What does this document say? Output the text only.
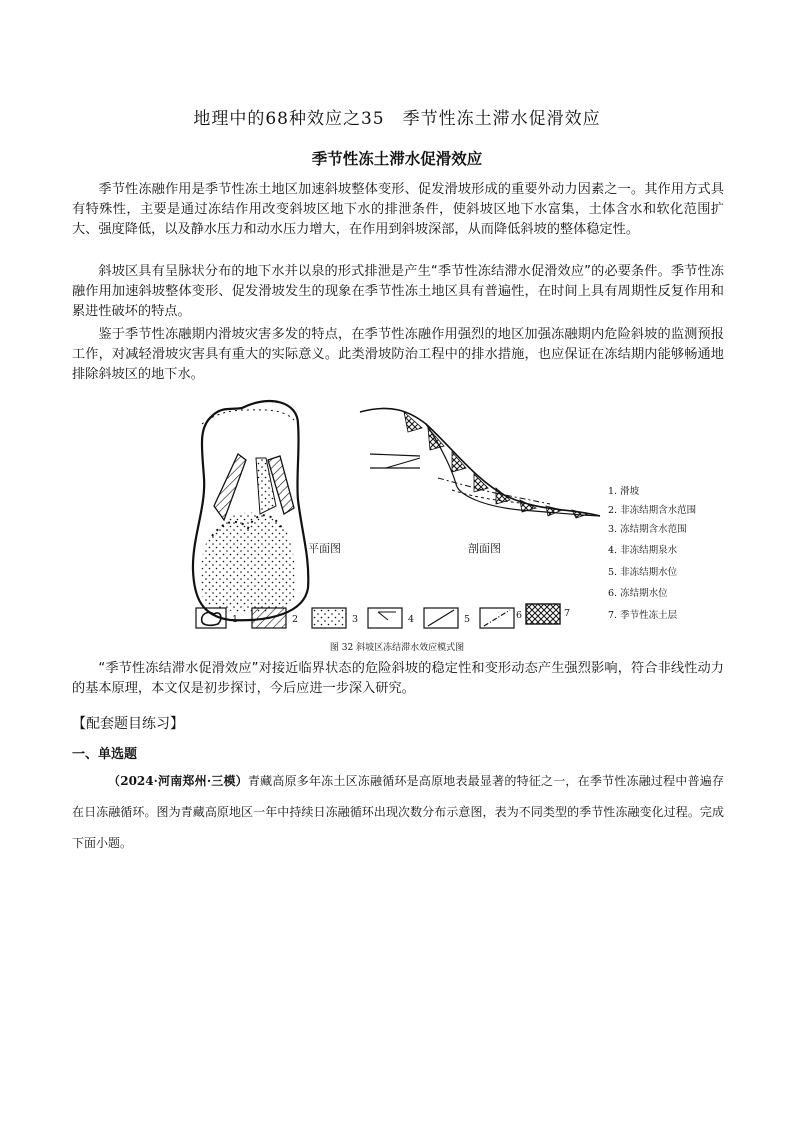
地理中的68种效应之35　季节性冻土滞水促滑效应
季节性冻土滞水促滑效应

季节性冻融作用是季节性冻土地区加速斜坡整体变形、促发滑坡形成的重要外动力因素之一。其作用方式具有特殊性，主要是通过冻结作用改变斜坡区地下水的排泄条件，使斜坡区地下水富集，土体含水和软化范围扩大、强度降低，以及静水压力和动水压力增大，在作用到斜坡深部，从而降低斜坡的整体稳定性。

斜坡区具有呈脉状分布的地下水并以泉的形式排泄是产生“季节性冻结滞水促滑效应”的必要条件。季节性冻融作用加速斜坡整体变形、促发滑坡发生的现象在季节性冻土地区具有普遍性，在时间上具有周期性反复作用和累进性破坏的特点。

鉴于季节性冻融期内滑坡灾害多发的特点，在季节性冻融作用强烈的地区加强冻融期内危险斜坡的监测预报工作，对减轻滑坡灾害具有重大的实际意义。此类滑坡防治工程中的排水措施，也应保证在冻结期内能够畅通地排除斜坡区的地下水。

平面图	剖面图
1. 滑坡
2. 非冻结期含水范围
3. 冻结期含水范围
4. 非冻结期泉水
5. 非冻结期水位
6. 冻结期水位
7. 季节性冻土层
1	2	3	4	5	6	7
图 32 斜坡区冻结滞水效应模式图

“季节性冻结滞水促滑效应”对接近临界状态的危险斜坡的稳定性和变形动态产生强烈影响，符合非线性动力的基本原理，本文仅是初步探讨，今后应进一步深入研究。

【配套题目练习】
一、单选题

（2024·河南郑州·三模）青藏高原多年冻土区冻融循环是高原地表最显著的特征之一，在季节性冻融过程中普遍存在日冻融循环。图为青藏高原地区一年中持续日冻融循环出现次数分布示意图，表为不同类型的季节性冻融变化过程。完成下面小题。
